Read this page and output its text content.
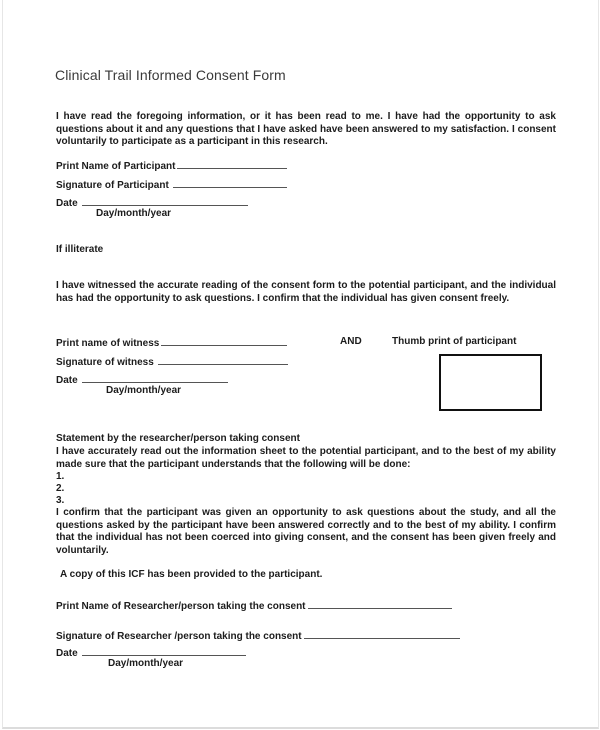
Clinical Trail Informed Consent Form
I have read the foregoing information, or it has been read to me. I have had the opportunity to ask questions about it and any questions that I have asked have been answered to my satisfaction. I consent voluntarily to participate as a participant in this research.
Print Name of Participant
Signature of Participant
Date
Day/month/year
If illiterate
I have witnessed the accurate reading of the consent form to the potential participant, and the individual has had the opportunity to ask questions. I confirm that the individual has given consent freely.
Print name of witness	AND	Thumb print of participant
Signature of witness
Date
Day/month/year
Statement by the researcher/person taking consent
I have accurately read out the information sheet to the potential participant, and to the best of my ability made sure that the participant understands that the following will be done:
1.
2.
3.
I confirm that the participant was given an opportunity to ask questions about the study, and all the questions asked by the participant have been answered correctly and to the best of my ability. I confirm that the individual has not been coerced into giving consent, and the consent has been given freely and voluntarily.
A copy of this ICF has been provided to the participant.
Print Name of Researcher/person taking the consent
Signature of Researcher /person taking the consent
Date
Day/month/year
